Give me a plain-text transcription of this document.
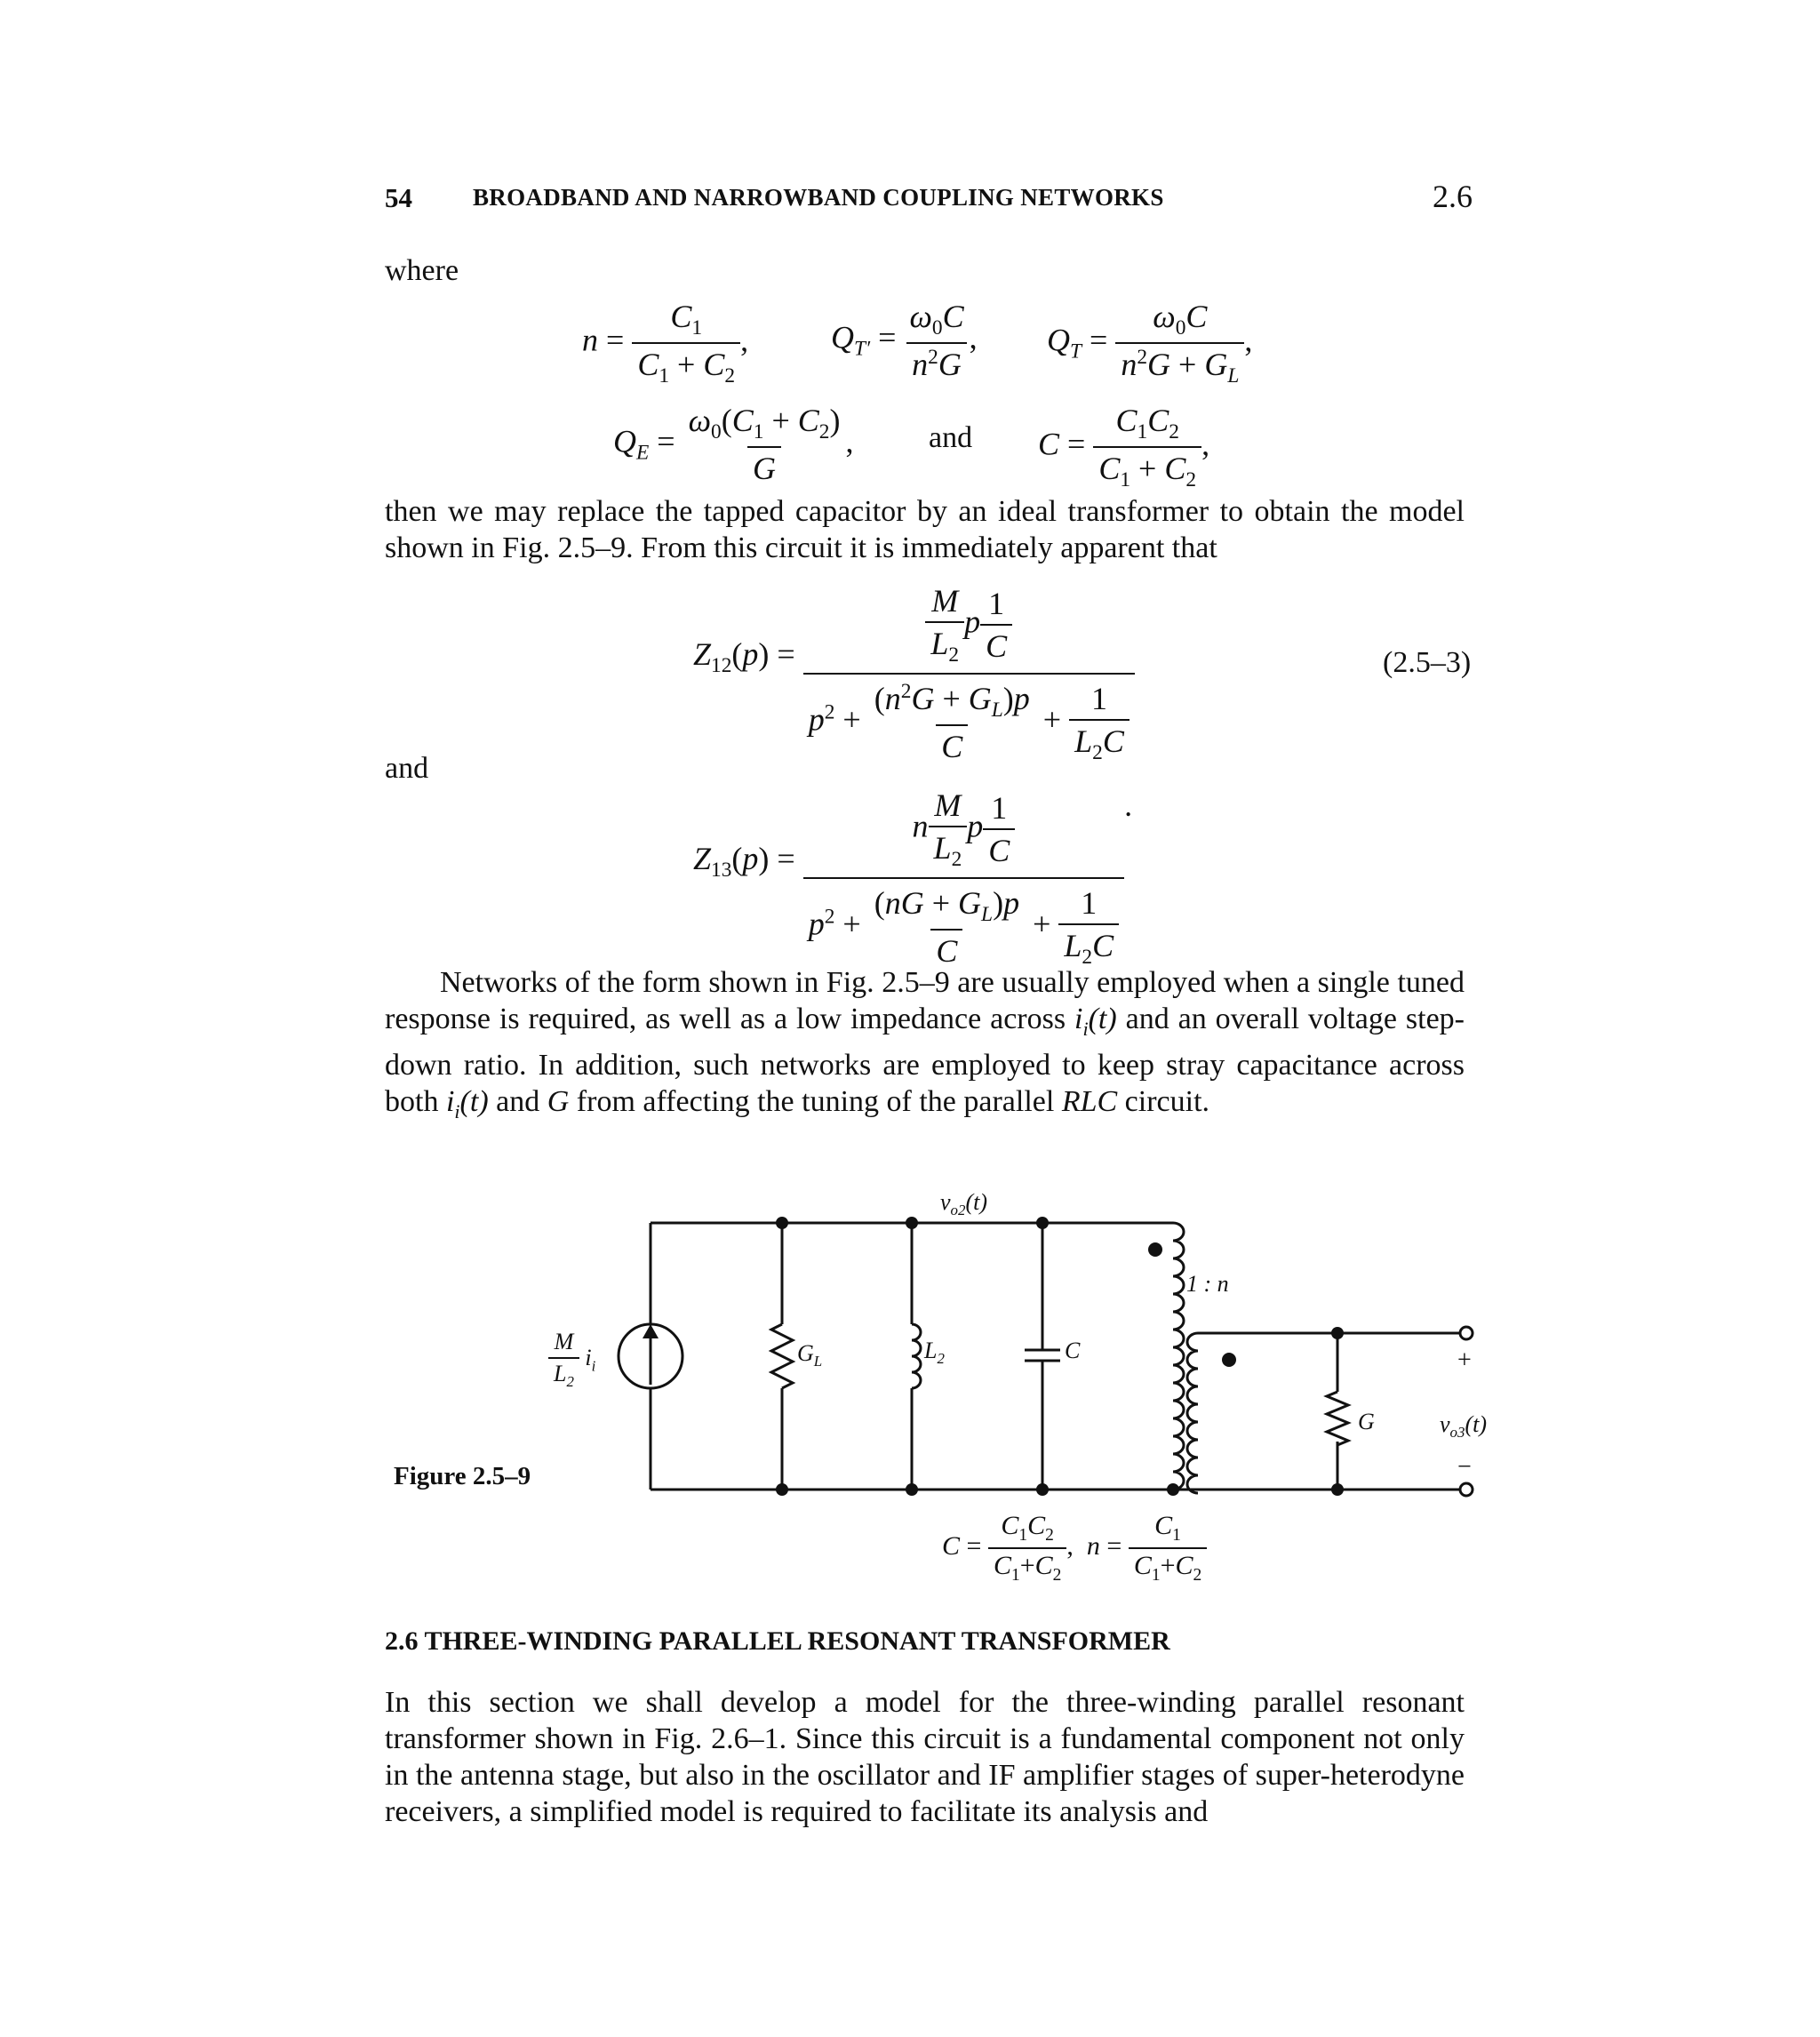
54	BROADBAND AND NARROWBAND COUPLING NETWORKS	2.6
where
$n = \frac{C_1}{C_1 + C_2}$ ,	$Q_{T'} = \frac{\omega_0C}{n^2G}$ , $Q_T = \frac{\omega_0C}{n^2G + G_L}$ ,
$Q_E = \frac{\omega_0(C_1 + C_2)}{G}$ , and $C = \frac{C_1C_2}{C_1 + C_2}$ ,
then we may replace the tapped capacitor by an ideal transformer to obtain the model shown in Fig. 2.5–9. From this circuit it is immediately apparent that
$Z_{12}(p) = \frac{\frac{M}{L_2} p \frac{1}{C}}{p^2 + \frac{(n^2G + G_L)p}{C} + \frac{1}{L_2C}}$	(2.5–3)
and
$Z_{13}(p) = \frac{n \frac{M}{L_2} p \frac{1}{C}}{p^2 + \frac{(nG + G_L)p}{C} + \frac{1}{L_2C}}$ .
Networks of the form shown in Fig. 2.5–9 are usually employed when a single tuned response is required, as well as a low impedance across $i_i(t)$ and an overall voltage step-down ratio. In addition, such networks are employed to keep stray capacitance across both $i_i(t)$ and G from affecting the tuning of the parallel RLC circuit.
$v_{o2}(t)$
1 : n
$\frac{M}{L_2} i_i$	$G_L$	$L_2$	C
G	$v_{o3}(t)$
+
−
Figure 2.5–9
$C = \frac{C_1C_2}{C_1+C_2}$ ,  $n = \frac{C_1}{C_1+C_2}$
2.6 THREE-WINDING PARALLEL RESONANT TRANSFORMER
In this section we shall develop a model for the three-winding parallel resonant transformer shown in Fig. 2.6–1. Since this circuit is a fundamental component not only in the antenna stage, but also in the oscillator and IF amplifier stages of super-heterodyne receivers, a simplified model is required to facilitate its analysis and
